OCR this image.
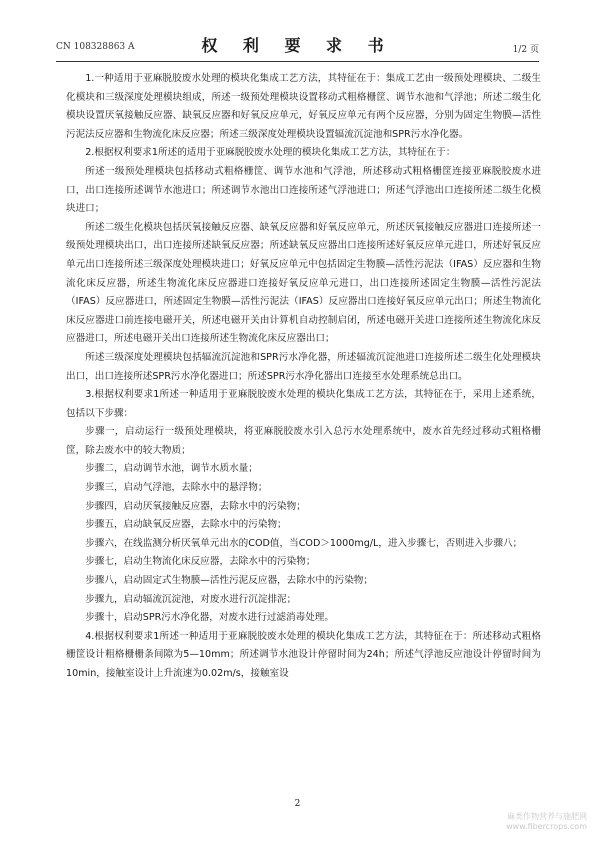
CN 108328863 A	权 利 要 求 书	1/2 页

1.一种适用于亚麻脱胶废水处理的模块化集成工艺方法，其特征在于：集成工艺由一级预处理模块、二级生化模块和三级深度处理模块组成，所述一级预处理模块设置移动式粗格栅筐、调节水池和气浮池；所述二级生化模块设置厌氧接触反应器、缺氧反应器和好氧反应单元，好氧反应单元有两个反应器，分别为固定生物膜—活性污泥法反应器和生物流化床反应器；所述三级深度处理模块设置辐流沉淀池和SPR污水净化器。

2.根据权利要求1所述的适用于亚麻脱胶废水处理的模块化集成工艺方法，其特征在于：

所述一级预处理模块包括移动式粗格栅筐、调节水池和气浮池，所述移动式粗格栅筐连接亚麻脱胶废水进口，出口连接所述调节水池进口；所述调节水池出口连接所述气浮池进口；所述气浮池出口连接所述二级生化模块进口；

所述二级生化模块包括厌氧接触反应器、缺氧反应器和好氧反应单元，所述厌氧接触反应器进口连接所述一级预处理模块出口，出口连接所述缺氧反应器；所述缺氧反应器出口连接所述好氧反应单元进口，所述好氧反应单元出口连接所述三级深度处理模块进口；好氧反应单元中包括固定生物膜—活性污泥法（IFAS）反应器和生物流化床反应器，所述生物流化床反应器进口连接好氧反应单元进口，出口连接所述固定生物膜—活性污泥法（IFAS）反应器进口，所述固定生物膜—活性污泥法（IFAS）反应器出口连接好氧反应单元出口；所述生物流化床反应器进口前连接电磁开关，所述电磁开关由计算机自动控制启闭，所述电磁开关进口连接所述生物流化床反应器进口，所述电磁开关出口连接所述生物流化床反应器出口；

所述三级深度处理模块包括辐流沉淀池和SPR污水净化器，所述辐流沉淀池进口连接所述二级生化处理模块出口，出口连接所述SPR污水净化器进口；所述SPR污水净化器出口连接至水处理系统总出口。

3.根据权利要求1所述一种适用于亚麻脱胶废水处理的模块化集成工艺方法，其特征在于，采用上述系统，包括以下步骤：

步骤一，启动运行一级预处理模块，将亚麻脱胶废水引入总污水处理系统中，废水首先经过移动式粗格栅筐，除去废水中的较大物质；

步骤二，启动调节水池，调节水质水量；

步骤三，启动气浮池，去除水中的悬浮物；

步骤四，启动厌氧接触反应器，去除水中的污染物；

步骤五，启动缺氧反应器，去除水中的污染物；

步骤六，在线监测分析厌氧单元出水的COD值，当COD＞1000mg/L，进入步骤七，否则进入步骤八；

步骤七，启动生物流化床反应器，去除水中的污染物；

步骤八，启动固定式生物膜—活性污泥反应器，去除水中的污染物；

步骤九，启动辐流沉淀池，对废水进行沉淀排泥；

步骤十，启动SPR污水净化器，对废水进行过滤消毒处理。

4.根据权利要求1所述一种适用于亚麻脱胶废水处理的模块化集成工艺方法，其特征在于：所述移动式粗格栅筐设计粗格栅栅条间隙为5—10mm；所述调节水池设计停留时间为24h；所述气浮池反应池设计停留时间为10min，接触室设计上升流速为0.02m/s，接触室设

2
麻类作物营养与施肥网
www.fibercrops.com
